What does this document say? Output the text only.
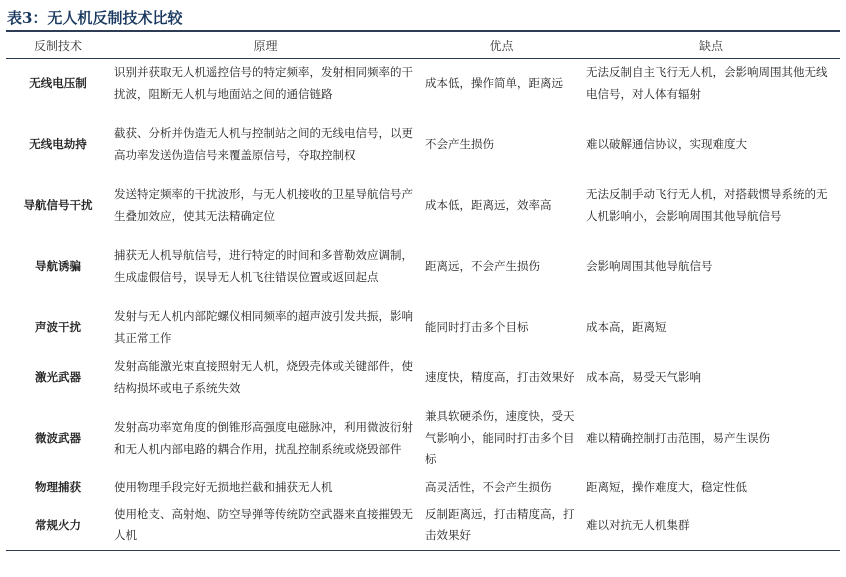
表3：无人机反制技术比较
反制技术	原理	优点	缺点
无线电压制	识别并获取无人机遥控信号的特定频率，发射相同频率的干扰波，阻断无人机与地面站之间的通信链路	成本低，操作简单，距离远	无法反制自主飞行无人机，会影响周围其他无线电信号，对人体有辐射
无线电劫持	截获、分析并伪造无人机与控制站之间的无线电信号，以更高功率发送伪造信号来覆盖原信号，夺取控制权	不会产生损伤	难以破解通信协议，实现难度大
导航信号干扰	发送特定频率的干扰波形，与无人机接收的卫星导航信号产生叠加效应，使其无法精确定位	成本低，距离远，效率高	无法反制手动飞行无人机，对搭载惯导系统的无人机影响小，会影响周围其他导航信号
导航诱骗	捕获无人机导航信号，进行特定的时间和多普勒效应调制，生成虚假信号，误导无人机飞往错误位置或返回起点	距离远，不会产生损伤	会影响周围其他导航信号
声波干扰	发射与无人机内部陀螺仪相同频率的超声波引发共振，影响其正常工作	能同时打击多个目标	成本高，距离短
激光武器	发射高能激光束直接照射无人机，烧毁壳体或关键部件，使结构损坏或电子系统失效	速度快，精度高，打击效果好	成本高，易受天气影响
微波武器	发射高功率宽角度的倒锥形高强度电磁脉冲，利用微波衍射和无人机内部电路的耦合作用，扰乱控制系统或烧毁部件	兼具软硬杀伤，速度快，受天气影响小，能同时打击多个目标	难以精确控制打击范围，易产生误伤
物理捕获	使用物理手段完好无损地拦截和捕获无人机	高灵活性，不会产生损伤	距离短，操作难度大，稳定性低
常规火力	使用枪支、高射炮、防空导弹等传统防空武器来直接摧毁无人机	反制距离远，打击精度高，打击效果好	难以对抗无人机集群
